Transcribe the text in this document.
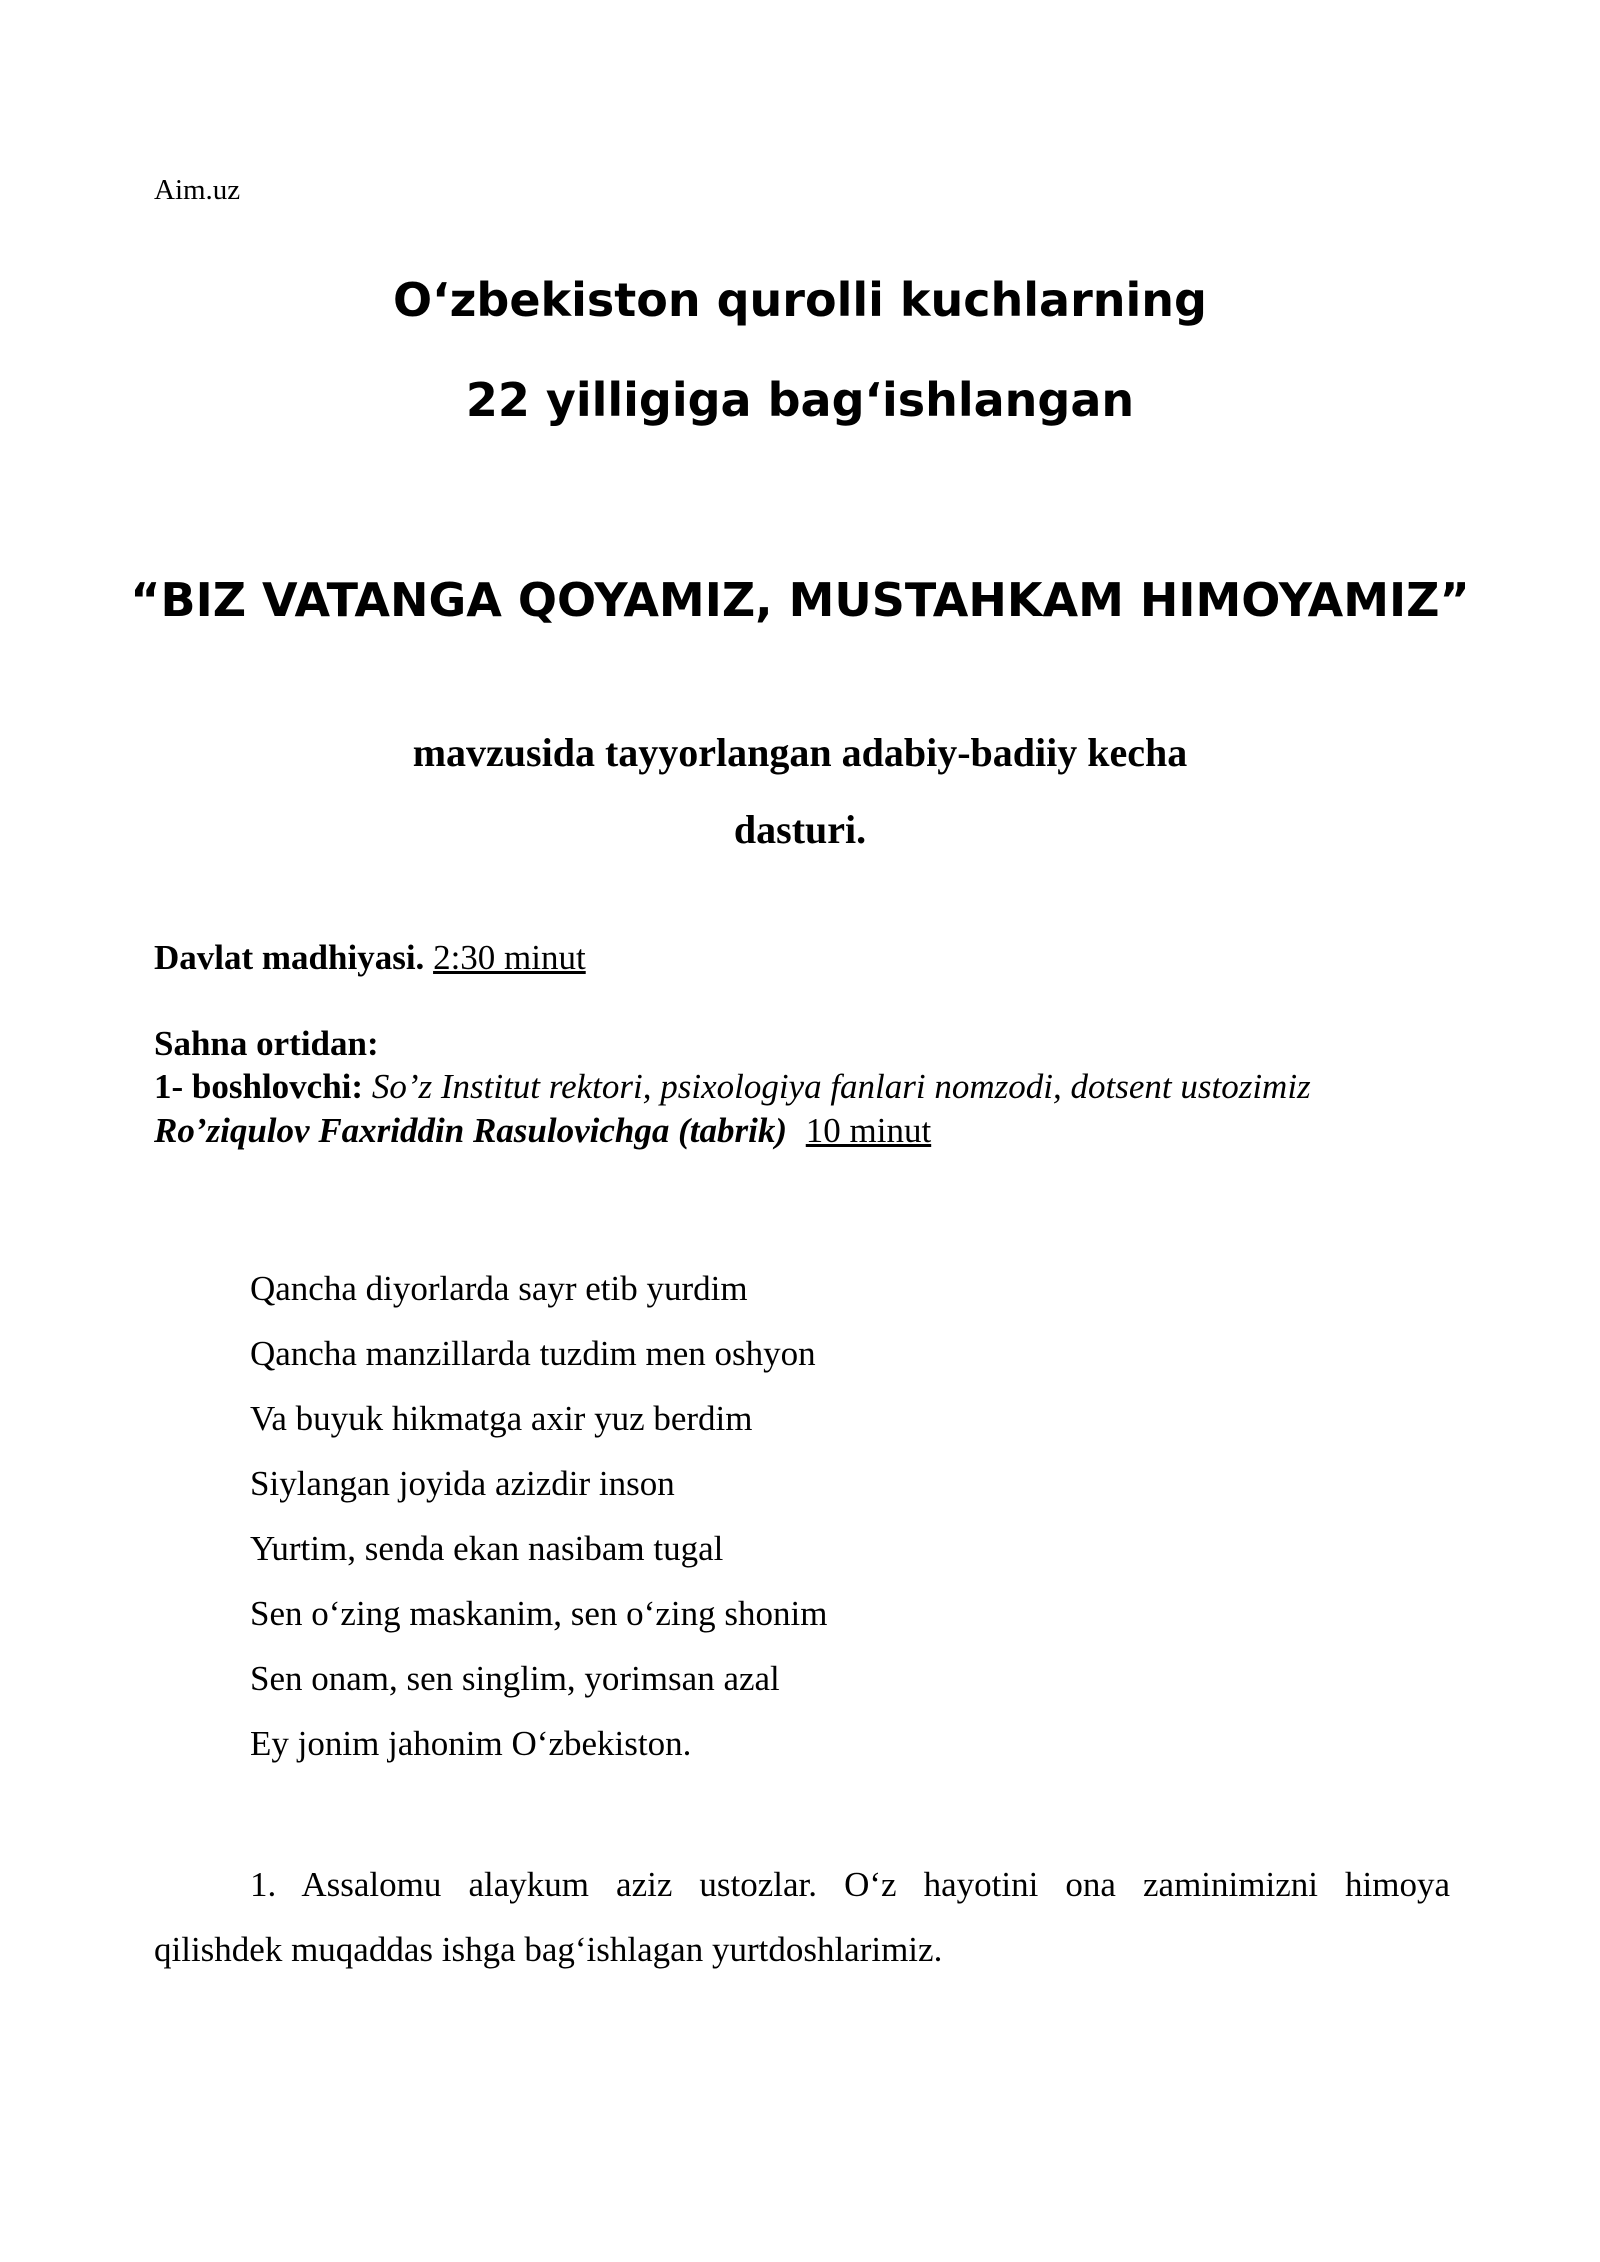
Aim.uz
O‘zbekiston qurolli kuchlarning
22 yilligiga bag‘ishlangan
“BIZ VATANGA QOYAMIZ, MUSTAHKAM HIMOYAMIZ”
mavzusida tayyorlangan adabiy-badiiy kecha
dasturi.
Davlat madhiyasi. 2:30 minut
Sahna ortidan:
1- boshlovchi: So’z Institut rektori, psixologiya fanlari nomzodi, dotsent ustozimiz
Ro’ziqulov Faxriddin Rasulovichga (tabrik) 10 minut
Qancha diyorlarda sayr etib yurdim
Qancha manzillarda tuzdim men oshyon
Va buyuk hikmatga axir yuz berdim
Siylangan joyida azizdir inson
Yurtim, senda ekan nasibam tugal
Sen o‘zing maskanim, sen o‘zing shonim
Sen onam, sen singlim, yorimsan azal
Ey jonim jahonim O‘zbekiston.
1. Assalomu alaykum aziz ustozlar. O‘z hayotini ona zaminimizni himoya
qilishdek muqaddas ishga bag‘ishlagan yurtdoshlarimiz.
